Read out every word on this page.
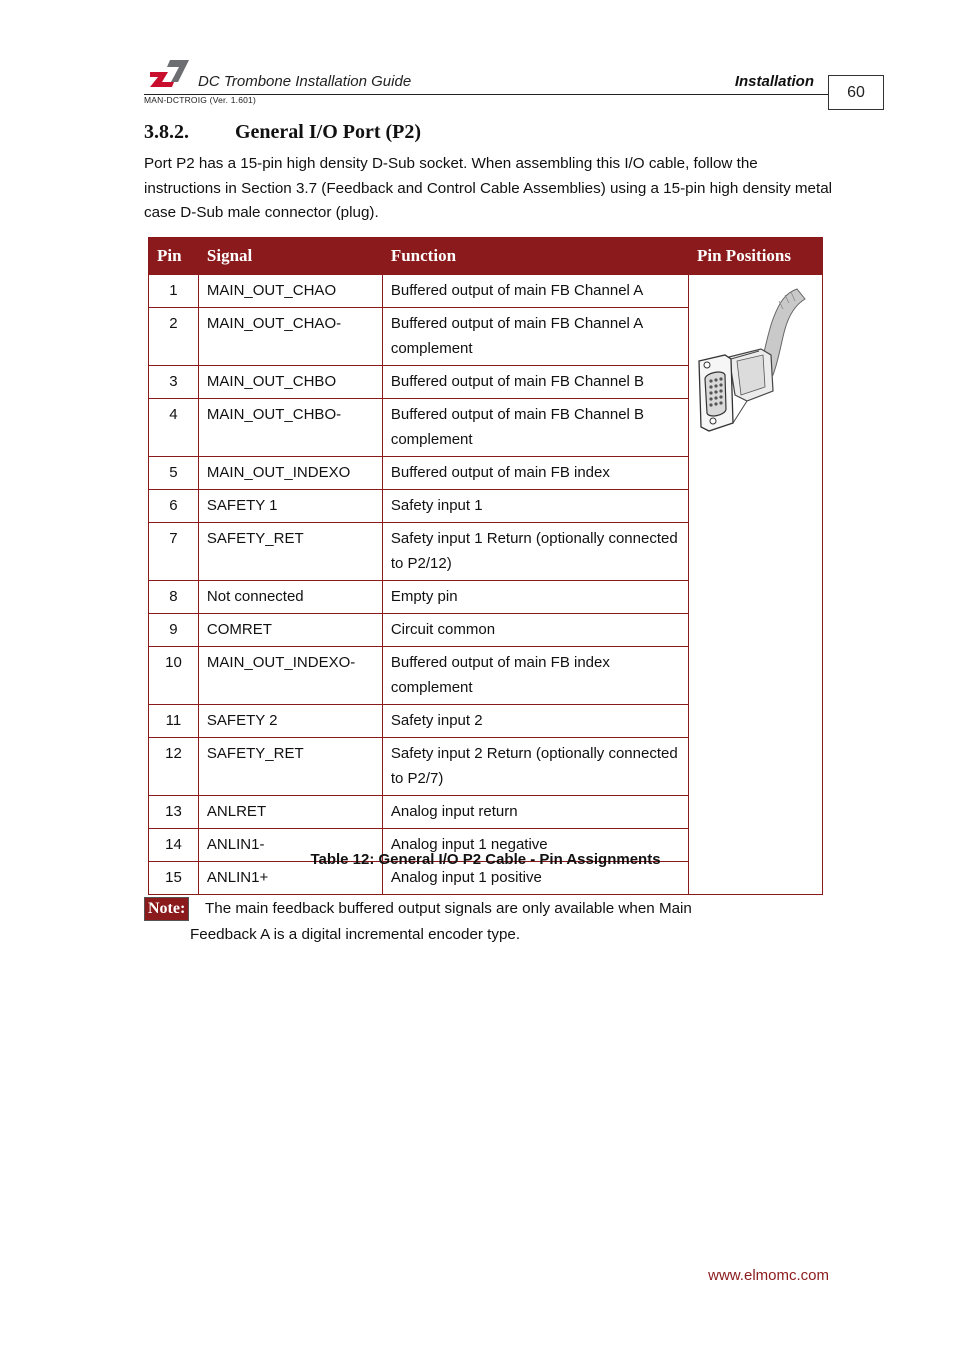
DC Trombone Installation Guide	Installation
MAN-DCTROIG (Ver. 1.601)	60
3.8.2. General I/O Port (P2)
Port P2 has a 15-pin high density D-Sub socket. When assembling this I/O cable, follow the instructions in Section 3.7 (Feedback and Control Cable Assemblies) using a 15-pin high density metal case D-Sub male connector (plug).
Pin	Signal	Function	Pin Positions
1	MAIN_OUT_CHAO	Buffered output of main FB Channel A	
2	MAIN_OUT_CHAO-	Buffered output of main FB Channel A complement	
3	MAIN_OUT_CHBO	Buffered output of main FB Channel B	
4	MAIN_OUT_CHBO-	Buffered output of main FB Channel B complement	
5	MAIN_OUT_INDEXO	Buffered output of main FB index	
6	SAFETY 1	Safety input 1	
7	SAFETY_RET	Safety input 1 Return (optionally connected to P2/12)	
8	Not connected	Empty pin	
9	COMRET	Circuit common	
10	MAIN_OUT_INDEXO-	Buffered output of main FB index complement	
11	SAFETY 2	Safety input 2	
12	SAFETY_RET	Safety input 2 Return (optionally connected to P2/7)	
13	ANLRET	Analog input return	
14	ANLIN1-	Analog input 1 negative	
15	ANLIN1+	Analog input 1 positive	
Table 12: General I/O P2 Cable - Pin Assignments
Note:	The main feedback buffered output signals are only available when Main Feedback A is a digital incremental encoder type.
www.elmomc.com
